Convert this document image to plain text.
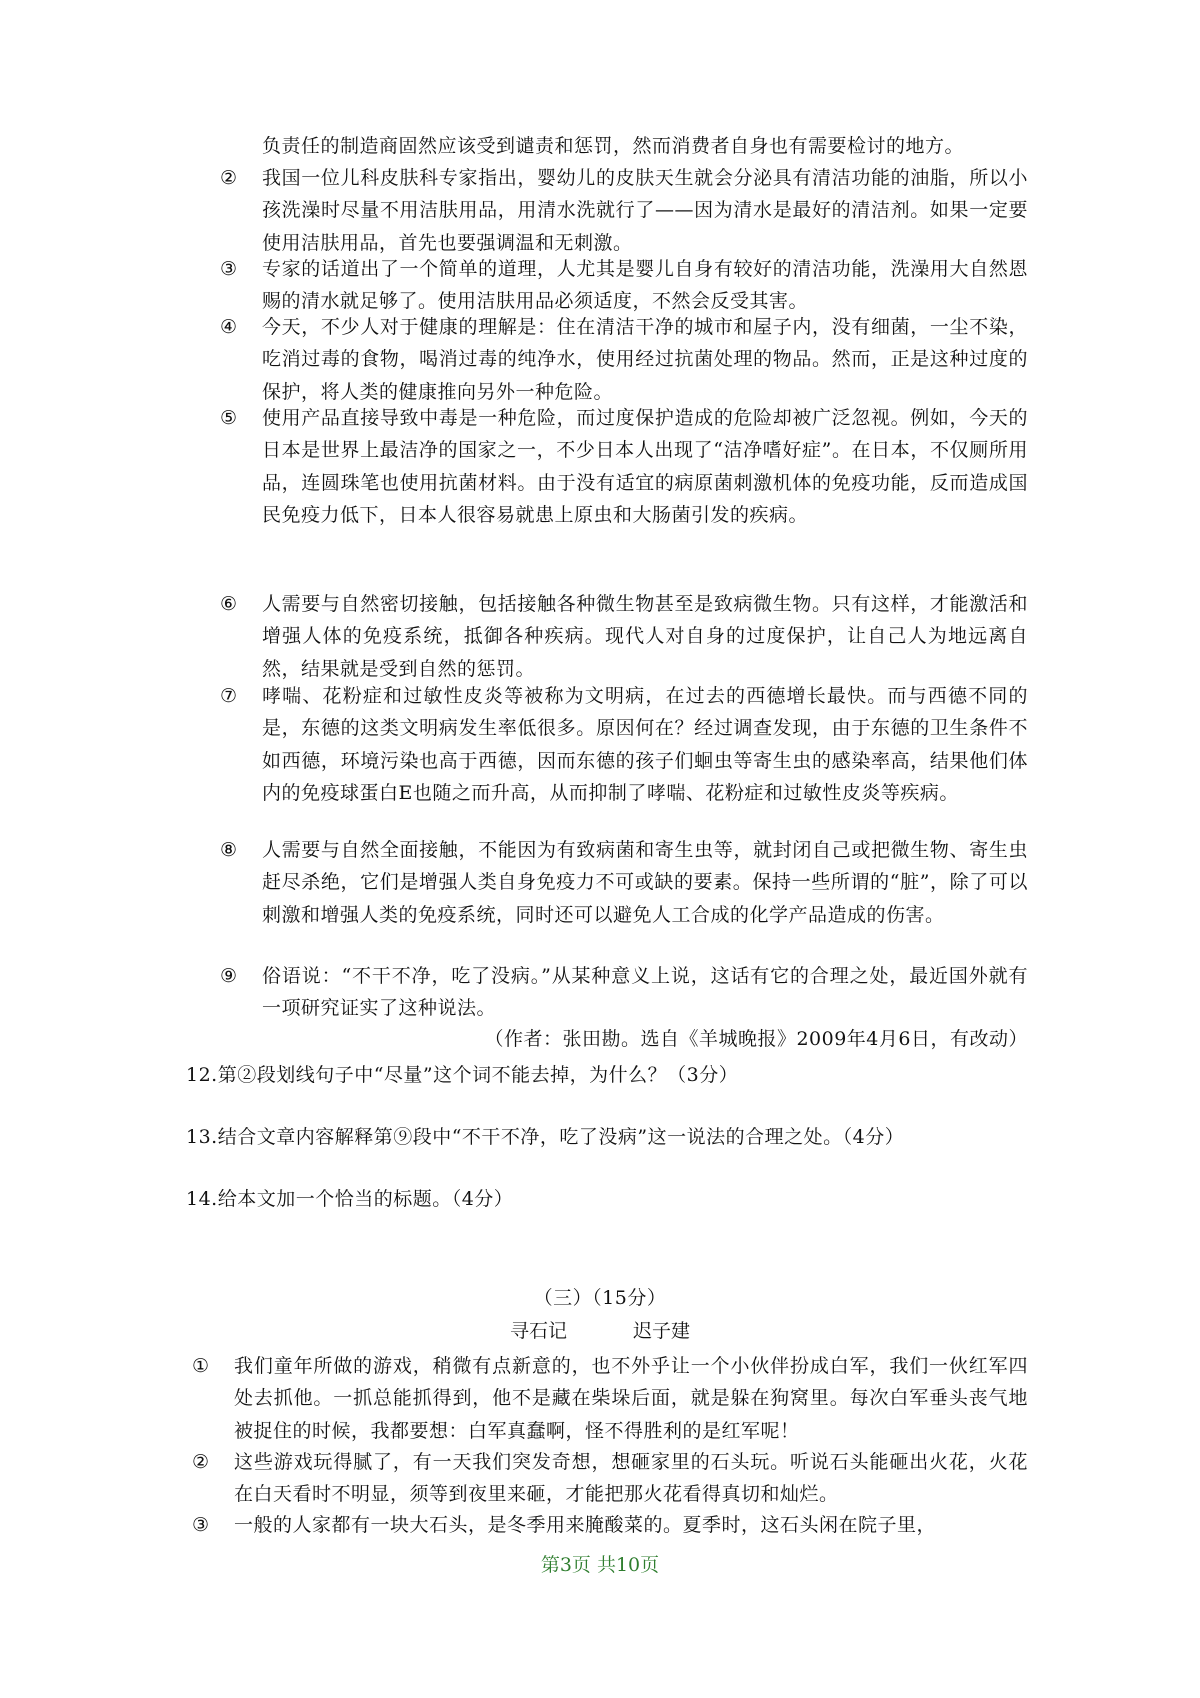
负责任的制造商固然应该受到谴责和惩罚，然而消费者自身也有需要检讨的地方。
②	我国一位儿科皮肤科专家指出，婴幼儿的皮肤天生就会分泌具有清洁功能的油脂，所以小孩洗澡时尽量不用洁肤用品，用清水洗就行了——因为清水是最好的清洁剂。如果一定要使用洁肤用品，首先也要强调温和无刺激。
③	专家的话道出了一个简单的道理，人尤其是婴儿自身有较好的清洁功能，洗澡用大自然恩赐的清水就足够了。使用洁肤用品必须适度，不然会反受其害。
④	今天，不少人对于健康的理解是：住在清洁干净的城市和屋子内，没有细菌，一尘不染，吃消过毒的食物，喝消过毒的纯净水，使用经过抗菌处理的物品。然而，正是这种过度的保护，将人类的健康推向另外一种危险。
⑤	使用产品直接导致中毒是一种危险，而过度保护造成的危险却被广泛忽视。例如，今天的日本是世界上最洁净的国家之一，不少日本人出现了“洁净嗜好症”。在日本，不仅厕所用品，连圆珠笔也使用抗菌材料。由于没有适宜的病原菌刺激机体的免疫功能，反而造成国民免疫力低下，日本人很容易就患上原虫和大肠菌引发的疾病。
⑥	人需要与自然密切接触，包括接触各种微生物甚至是致病微生物。只有这样，才能激活和增强人体的免疫系统，抵御各种疾病。现代人对自身的过度保护，让自己人为地远离自然，结果就是受到自然的惩罚。
⑦	哮喘、花粉症和过敏性皮炎等被称为文明病，在过去的西德增长最快。而与西德不同的是，东德的这类文明病发生率低很多。原因何在？经过调查发现，由于东德的卫生条件不如西德，环境污染也高于西德，因而东德的孩子们蛔虫等寄生虫的感染率高，结果他们体内的免疫球蛋白E也随之而升高，从而抑制了哮喘、花粉症和过敏性皮炎等疾病。
⑧	人需要与自然全面接触，不能因为有致病菌和寄生虫等，就封闭自己或把微生物、寄生虫赶尽杀绝，它们是增强人类自身免疫力不可或缺的要素。保持一些所谓的“脏”，除了可以刺激和增强人类的免疫系统，同时还可以避免人工合成的化学产品造成的伤害。
⑨	俗语说：“不干不净，吃了没病。”从某种意义上说，这话有它的合理之处，最近国外就有一项研究证实了这种说法。
（作者：张田勘。选自《羊城晚报》2009年4月6日，有改动）
12.第②段划线句子中“尽量”这个词不能去掉，为什么？（3分）
13.结合文章内容解释第⑨段中“不干不净，吃了没病”这一说法的合理之处。（4分）
14.给本文加一个恰当的标题。（4分）
（三）（15分）
寻石记	迟子建
①	我们童年所做的游戏，稍微有点新意的，也不外乎让一个小伙伴扮成白军，我们一伙红军四处去抓他。一抓总能抓得到，他不是藏在柴垛后面，就是躲在狗窝里。每次白军垂头丧气地被捉住的时候，我都要想：白军真蠢啊，怪不得胜利的是红军呢！
②	这些游戏玩得腻了，有一天我们突发奇想，想砸家里的石头玩。听说石头能砸出火花，火花在白天看时不明显，须等到夜里来砸，才能把那火花看得真切和灿烂。
③	一般的人家都有一块大石头，是冬季用来腌酸菜的。夏季时，这石头闲在院子里，
第3页 共10页
